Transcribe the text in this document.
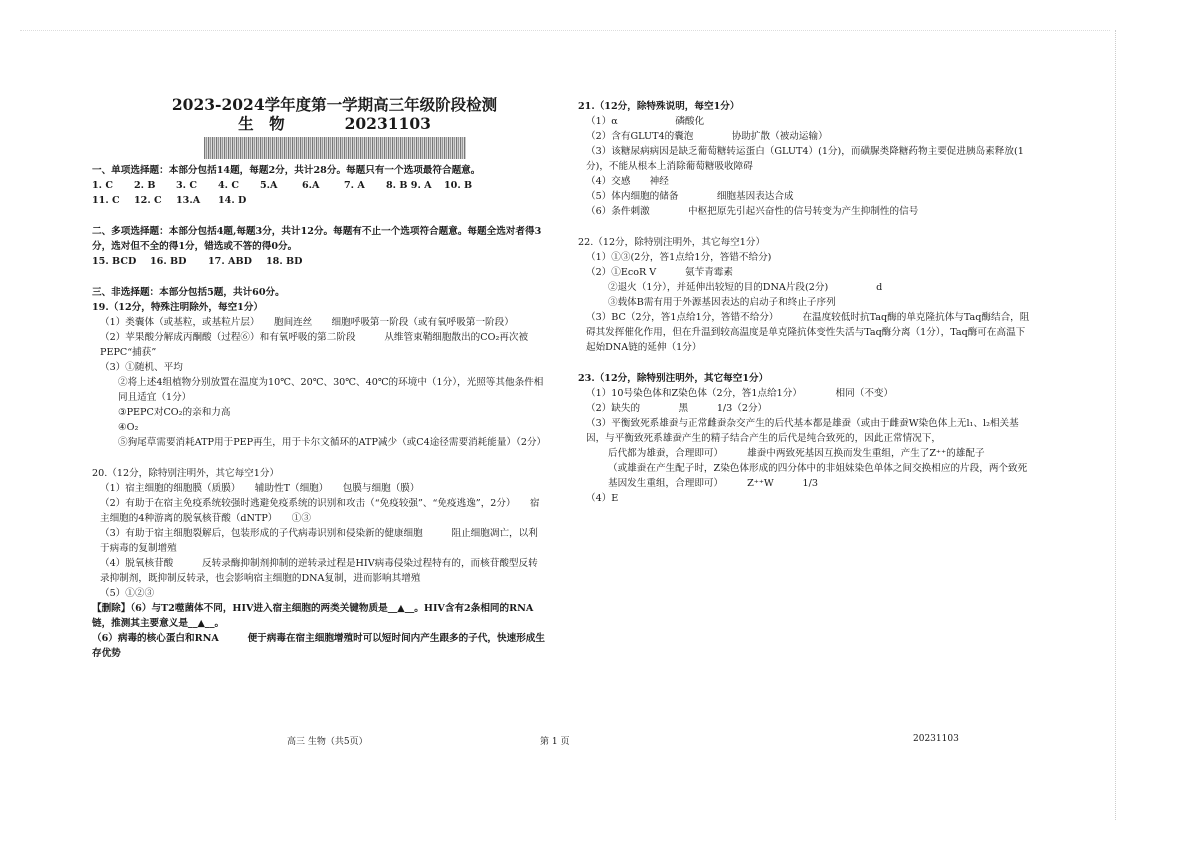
2023-2024学年度第一学期高三年级阶段检测
生　物	20231103

一、单项选择题：本部分包括14题，每题2分，共计28分。每题只有一个选项最符合题意。

1. C	2. B	3. C	4. C	5.A	6.A	7. A	8. B 9. A	10. B
11. C	12. C	13.A	14. D

二、多项选择题：本部分包括4题,每题3分，共计12分。每题有不止一个选项符合题意。每题全选对者得3分，选对但不全的得1分，错选或不答的得0分。

15. BCD	16. BD	17. ABD	18. BD

三、非选择题：本部分包括5题，共计60分。

19.（12分，特殊注明除外，每空1分）

（1）类囊体（或基粒，或基粒片层）　　胞间连丝　　细胞呼吸第一阶段（或有氧呼吸第一阶段）

（2）苹果酸分解成丙酮酸（过程⑥）和有氧呼吸的第二阶段　　　从维管束鞘细胞散出的CO₂再次被PEPC“捕获”

（3）①随机、平均

②将上述4组植物分别放置在温度为10℃、20℃、30℃、40℃的环境中（1分），光照等其他条件相同且适宜（1分）

③PEPC对CO₂的亲和力高

④O₂

⑤狗尾草需要消耗ATP用于PEP再生，用于卡尔文循环的ATP减少（或C4途径需要消耗能量）（2分）

20.（12分，除特别注明外，其它每空1分）

（1）宿主细胞的细胞膜（质膜）　　辅助性T（细胞）　　包膜与细胞（膜）

（2）有助于在宿主免疫系统较强时逃避免疫系统的识别和攻击（“免疫较强”、“免疫逃逸”，2分）　　宿主细胞的4种游离的脱氧核苷酸（dNTP）　　①③

（3）有助于宿主细胞裂解后，包装形成的子代病毒识别和侵染新的健康细胞　　　阻止细胞凋亡，以利于病毒的复制增殖

（4）脱氧核苷酸　　　反转录酶抑制剂抑制的逆转录过程是HIV病毒侵染过程特有的，而核苷酸型反转录抑制剂，既抑制反转录，也会影响宿主细胞的DNA复制，进而影响其增殖

（5）①②③

【删除】（6）与T2噬菌体不同，HIV进入宿主细胞的两类关键物质是__▲__。HIV含有2条相同的RNA链，推测其主要意义是__▲__。

（6）病毒的核心蛋白和RNA　　　便于病毒在宿主细胞增殖时可以短时间内产生跟多的子代，快速形成生存优势

21.（12分，除特殊说明，每空1分）

（1）α　　　　　　磷酸化

（2）含有GLUT4的囊泡　　　　协助扩散（被动运输）

（3）该糖尿病病因是缺乏葡萄糖转运蛋白（GLUT4）(1分)，而磺脲类降糖药物主要促进胰岛素释放(1分)，不能从根本上消除葡萄糖吸收障碍

（4）交感　　神经

（5）体内细胞的储备　　　　细胞基因表达合成

（6）条件刺激　　　　中枢把原先引起兴奋性的信号转变为产生抑制性的信号

22.（12分，除特别注明外，其它每空1分）

（1）①③(2分，答1点给1分，答错不给分)

（2）①EcoR V　　　氨苄青霉素

②退火（1分），并延伸出较短的目的DNA片段(2分)　　　　　d

③载体B需有用于外源基因表达的启动子和终止子序列

（3）BC（2分，答1点给1分，答错不给分）　　　在温度较低时抗Taq酶的单克隆抗体与Taq酶结合，阻碍其发挥催化作用，但在升温到较高温度是单克隆抗体变性失活与Taq酶分离（1分），Taq酶可在高温下起始DNA链的延伸（1分）

23.（12分，除特别注明外，其它每空1分）

（1）10号染色体和Z染色体（2分，答1点给1分）　　　　相同（不变）

（2）缺失的　　　　黑　　　1/3（2分）

（3）平衡致死系雄蚕与正常雌蚕杂交产生的后代基本都是雄蚕（或由于雌蚕W染色体上无l₁、l₂相关基因，与平衡致死系雄蚕产生的精子结合产生的后代是纯合致死的，因此正常情况下，

后代都为雄蚕，合理即可）　　　雄蚕中两致死基因互换而发生重组，产生了Z⁺⁺的雄配子

（或雄蚕在产生配子时，Z染色体形成的四分体中的非姐妹染色单体之间交换相应的片段，两个致死基因发生重组，合理即可）　　　Z⁺⁺W　　　1/3

（4）E

高三 生物（共5页）	第 1 页	20231103
